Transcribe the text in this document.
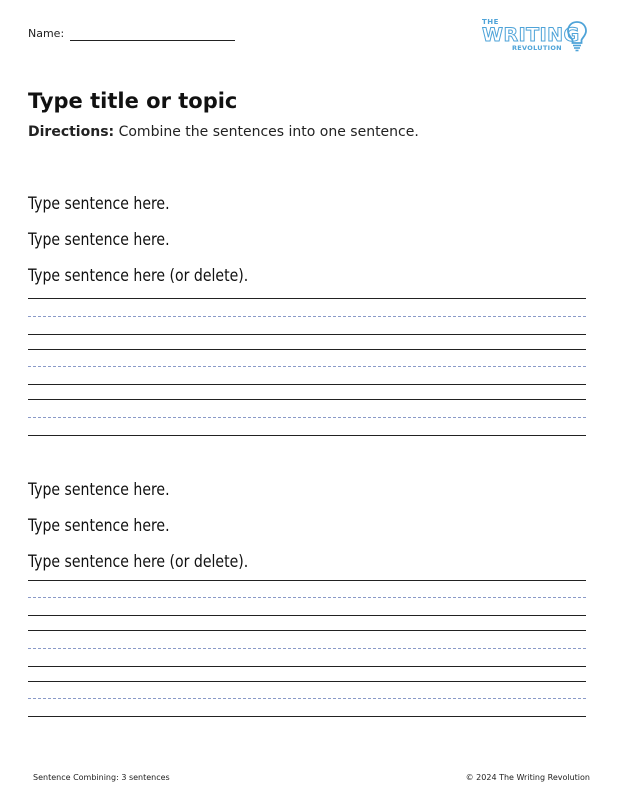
Name:
THE
WRITING
REVOLUTION
Type title or topic
Directions: Combine the sentences into one sentence.
Type sentence here.
Type sentence here.
Type sentence here (or delete).
Type sentence here.
Type sentence here.
Type sentence here (or delete).
Sentence Combining: 3 sentences	© 2024 The Writing Revolution
